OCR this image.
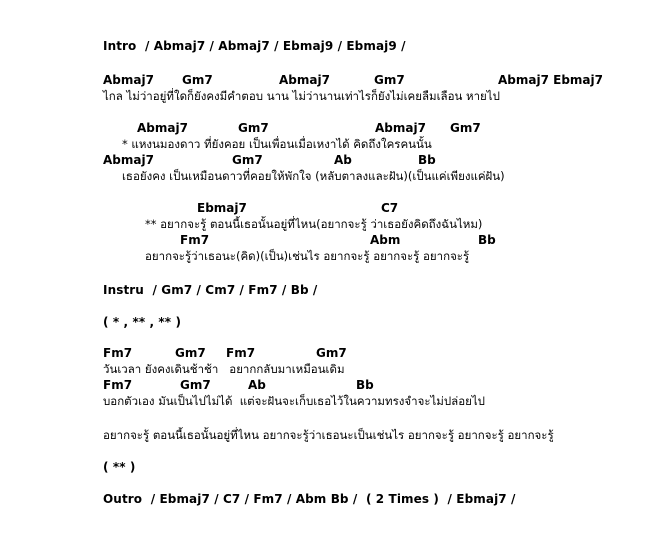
Intro  / Abmaj7 / Abmaj7 / Ebmaj9 / Ebmaj9 /
Abmaj7 Gm7	Abmaj7	Gm7	Abmaj7 Ebmaj7
ไกล ไม่ว่าอยู่ที่ใดก็ยังคงมีคำตอบ นาน ไม่ว่านานเท่าไรก็ยังไม่เคยลืมเลือน หายไป
Abmaj7	Gm7	Abmaj7 Gm7
* แหงนมองดาว ที่ยังคอย เป็นเพื่อนเมื่อเหงาได้ คิดถึงใครคนนั้น
Abmaj7	Gm7	Ab	Bb
เธอยังคง เป็นเหมือนดาวที่คอยให้พักใจ (หลับตาลงและฝัน)(เป็นแค่เพียงแค่ฝัน)
Ebmaj7	C7
** อยากจะรู้ ตอนนี้เธอนั้นอยู่ที่ไหน(อยากจะรู้ ว่าเธอยังคิดถึงฉันไหม)
Fm7	Abm	Bb
อยากจะรู้ว่าเธอนะ(คิด)(เป็น)เช่นไร อยากจะรู้ อยากจะรู้ อยากจะรู้
Instru  / Gm7 / Cm7 / Fm7 / Bb /
( * , ** , ** )
Fm7	Gm7 Fm7	Gm7
วันเวลา ยังคงเดินช้าช้า   อยากกลับมาเหมือนเดิม
Fm7	Gm7	Ab	Bb
บอกตัวเอง มันเป็นไปไม่ได้  แต่จะฝันจะเก็บเธอไว้ในความทรงจำจะไม่ปล่อยไป
อยากจะรู้ ตอนนี้เธอนั้นอยู่ที่ไหน อยากจะรู้ว่าเธอนะเป็นเช่นไร อยากจะรู้ อยากจะรู้ อยากจะรู้
( ** )
Outro  / Ebmaj7 / C7 / Fm7 / Abm Bb /  ( 2 Times )  / Ebmaj7 /
